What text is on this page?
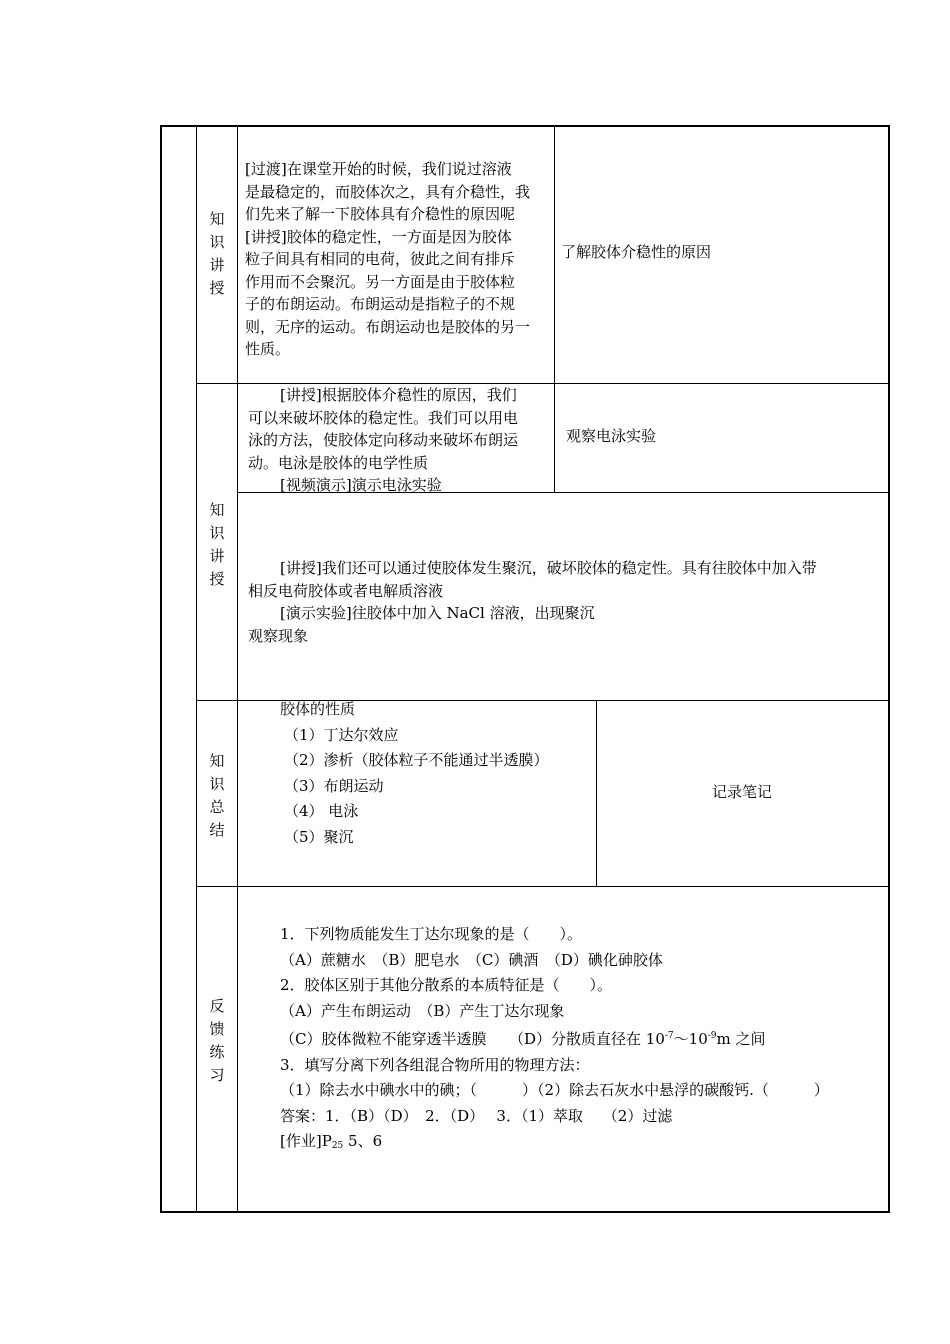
知
识
讲
授
[过渡]在课堂开始的时候，我们说过溶液
是最稳定的，而胶体次之，具有介稳性，我
们先来了解一下胶体具有介稳性的原因呢
[讲授]胶体的稳定性，一方面是因为胶体
粒子间具有相同的电荷，彼此之间有排斥
作用而不会聚沉。另一方面是由于胶体粒
子的布朗运动。布朗运动是指粒子的不规
则，无序的运动。布朗运动也是胶体的另一
性质。
了解胶体介稳性的原因
知
识
讲
授
[讲授]根据胶体介稳性的原因，我们
可以来破坏胶体的稳定性。我们可以用电
泳的方法，使胶体定向移动来破坏布朗运
动。电泳是胶体的电学性质
[视频演示]演示电泳实验
观察电泳实验
[讲授]我们还可以通过使胶体发生聚沉，破坏胶体的稳定性。具有往胶体中加入带
相反电荷胶体或者电解质溶液
[演示实验]往胶体中加入 NaCl 溶液，出现聚沉
观察现象
知
识
总
结
胶体的性质
（1）丁达尔效应
（2）渗析（胶体粒子不能通过半透膜）
（3）布朗运动
（4） 电泳
（5）聚沉
记录笔记
反
馈
练
习
1．下列物质能发生丁达尔现象的是（　　）。
（A）蔗糖水　（B）肥皂水　（C）碘酒　（D）碘化砷胶体
2．胶体区别于其他分散系的本质特征是（　　）。
（A）产生布朗运动　（B）产生丁达尔现象
（C）胶体微粒不能穿透半透膜　　（D）分散质直径在 $10^{-7}\sim 10^{-9}m$ 之间
3．填写分离下列各组混合物所用的物理方法：
（1）除去水中碘水中的碘；（　　　）（2）除去石灰水中悬浮的碳酸钙.（　　　）
答案：1．（B）（D）　2．（D）　 3．（1）萃取　 （2）过滤
[作业]$P_{25}$ 5、6
